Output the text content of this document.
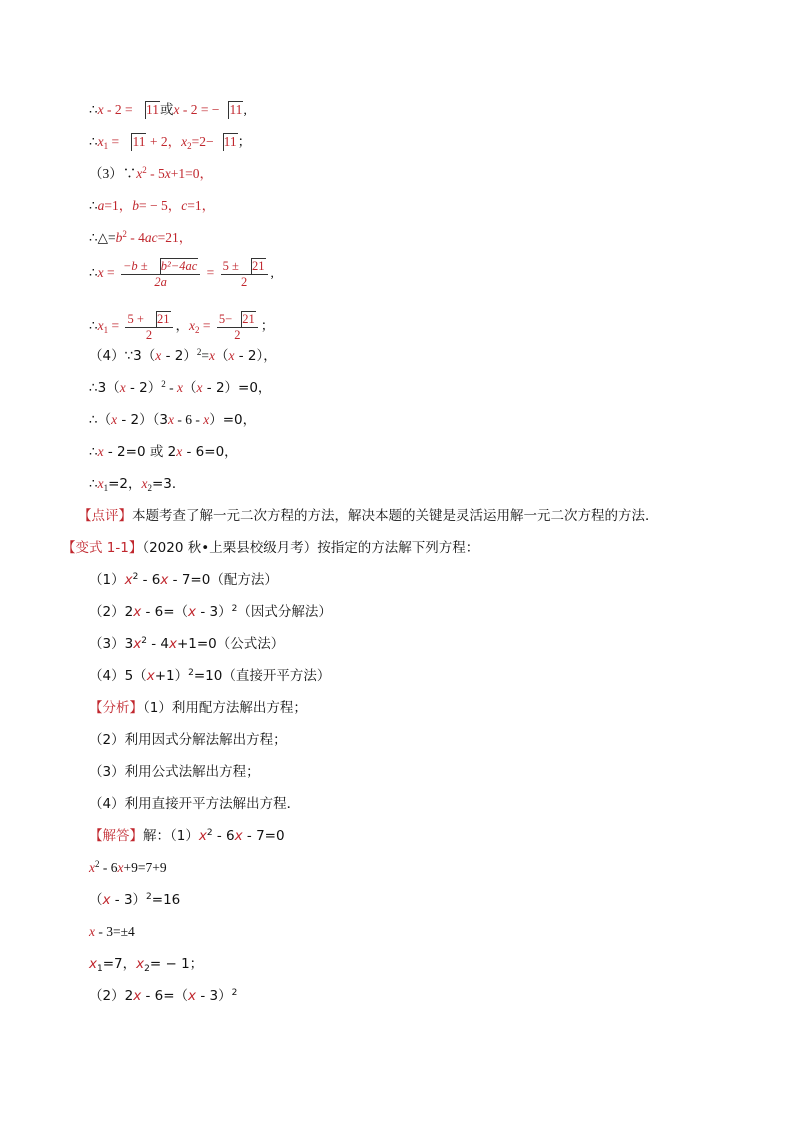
∴x - 2 = 11或x - 2 = − 11,
$\therefore x_1 = 11 + 2$，$x_2=2- 11$；
$(3)\because x^2 - 5x+1=0$，
∴a=1，b= − 5，c=1，
$\therefore\triangle=b^2 - 4ac=21$，
∴x = $\frac{\text{−b ± b²−4ac}}{2a} = \frac{5 \pm 21}{2}$ ,
$\therefore x_1 = \frac{5 + 21}{2}$ ，$x_2 = \frac{5- 21}{2}$ ；
（4）∵3（x - 2）$^2$=x（x - 2），
∴3（x - 2）$^2$ - x（x - 2）=0，
∴（x - 2）（3x - 6 - x）=0，
∴x - 2=0 或 2x - 6=0，
$\therefore x_1=2$，$x_2=3$．
【点评】本题考查了解一元二次方程的方法，解决本题的关键是灵活运用解一元二次方程的方法．
【变式 1-1】（2020 秋•上栗县校级月考）按指定的方法解下列方程：
$(1)x^2 - 6x - 7=0$（配方法）
（2）2x - 6=（x - 3）$^2$（因式分解法）
$(3)3x^2 - 4x+1=0$（公式法）
$(4)5(x+1)^2=10$（直接开平方法）
【分析】（1）利用配方法解出方程；
（2）利用因式分解法解出方程；
（3）利用公式法解出方程；
（4）利用直接开平方法解出方程．
【解答】解：$(1)x^2 - 6x - 7=0$
$x^2 - 6x+9=7+9$
（x - 3）$^2$=16
x - 3=±4
$x_1=7$，$x_2= - 1$；
（2）2x - 6=（x - 3）$^2$
